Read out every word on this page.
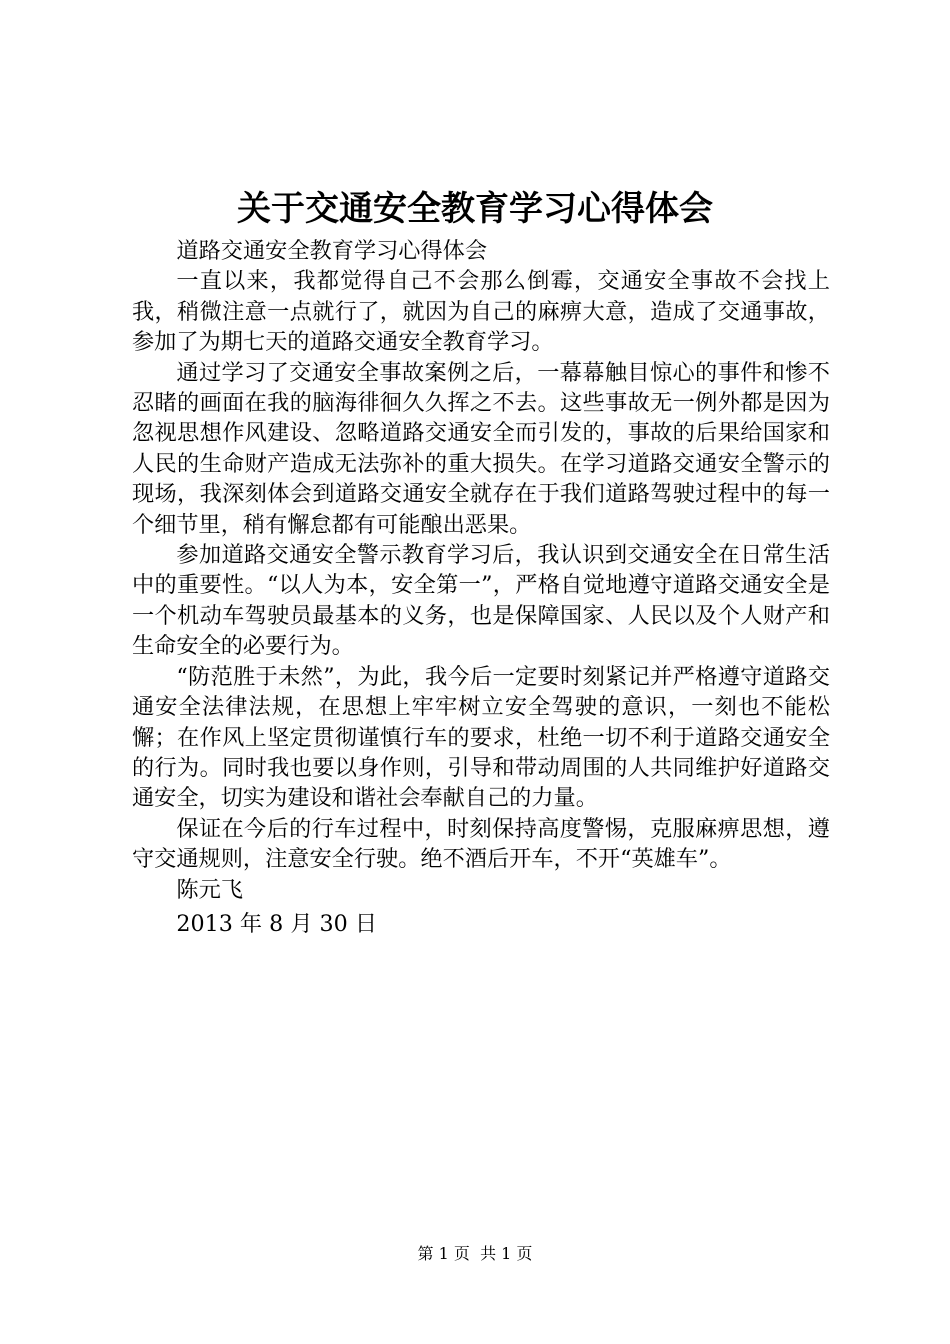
关于交通安全教育学习心得体会

道路交通安全教育学习心得体会

一直以来，我都觉得自己不会那么倒霉，交通安全事故不会找上我，稍微注意一点就行了，就因为自己的麻痹大意，造成了交通事故，参加了为期七天的道路交通安全教育学习。

通过学习了交通安全事故案例之后，一幕幕触目惊心的事件和惨不忍睹的画面在我的脑海徘徊久久挥之不去。这些事故无一例外都是因为忽视思想作风建设、忽略道路交通安全而引发的，事故的后果给国家和人民的生命财产造成无法弥补的重大损失。在学习道路交通安全警示的现场，我深刻体会到道路交通安全就存在于我们道路驾驶过程中的每一个细节里，稍有懈怠都有可能酿出恶果。

参加道路交通安全警示教育学习后，我认识到交通安全在日常生活中的重要性。“以人为本，安全第一”，严格自觉地遵守道路交通安全是一个机动车驾驶员最基本的义务，也是保障国家、人民以及个人财产和生命安全的必要行为。

“防范胜于未然”，为此，我今后一定要时刻紧记并严格遵守道路交通安全法律法规，在思想上牢牢树立安全驾驶的意识，一刻也不能松懈；在作风上坚定贯彻谨慎行车的要求，杜绝一切不利于道路交通安全的行为。同时我也要以身作则，引导和带动周围的人共同维护好道路交通安全，切实为建设和谐社会奉献自己的力量。

保证在今后的行车过程中，时刻保持高度警惕，克服麻痹思想，遵守交通规则，注意安全行驶。绝不酒后开车，不开“英雄车”。

陈元飞

2013 年 8 月 30 日

第 1 页  共 1 页
